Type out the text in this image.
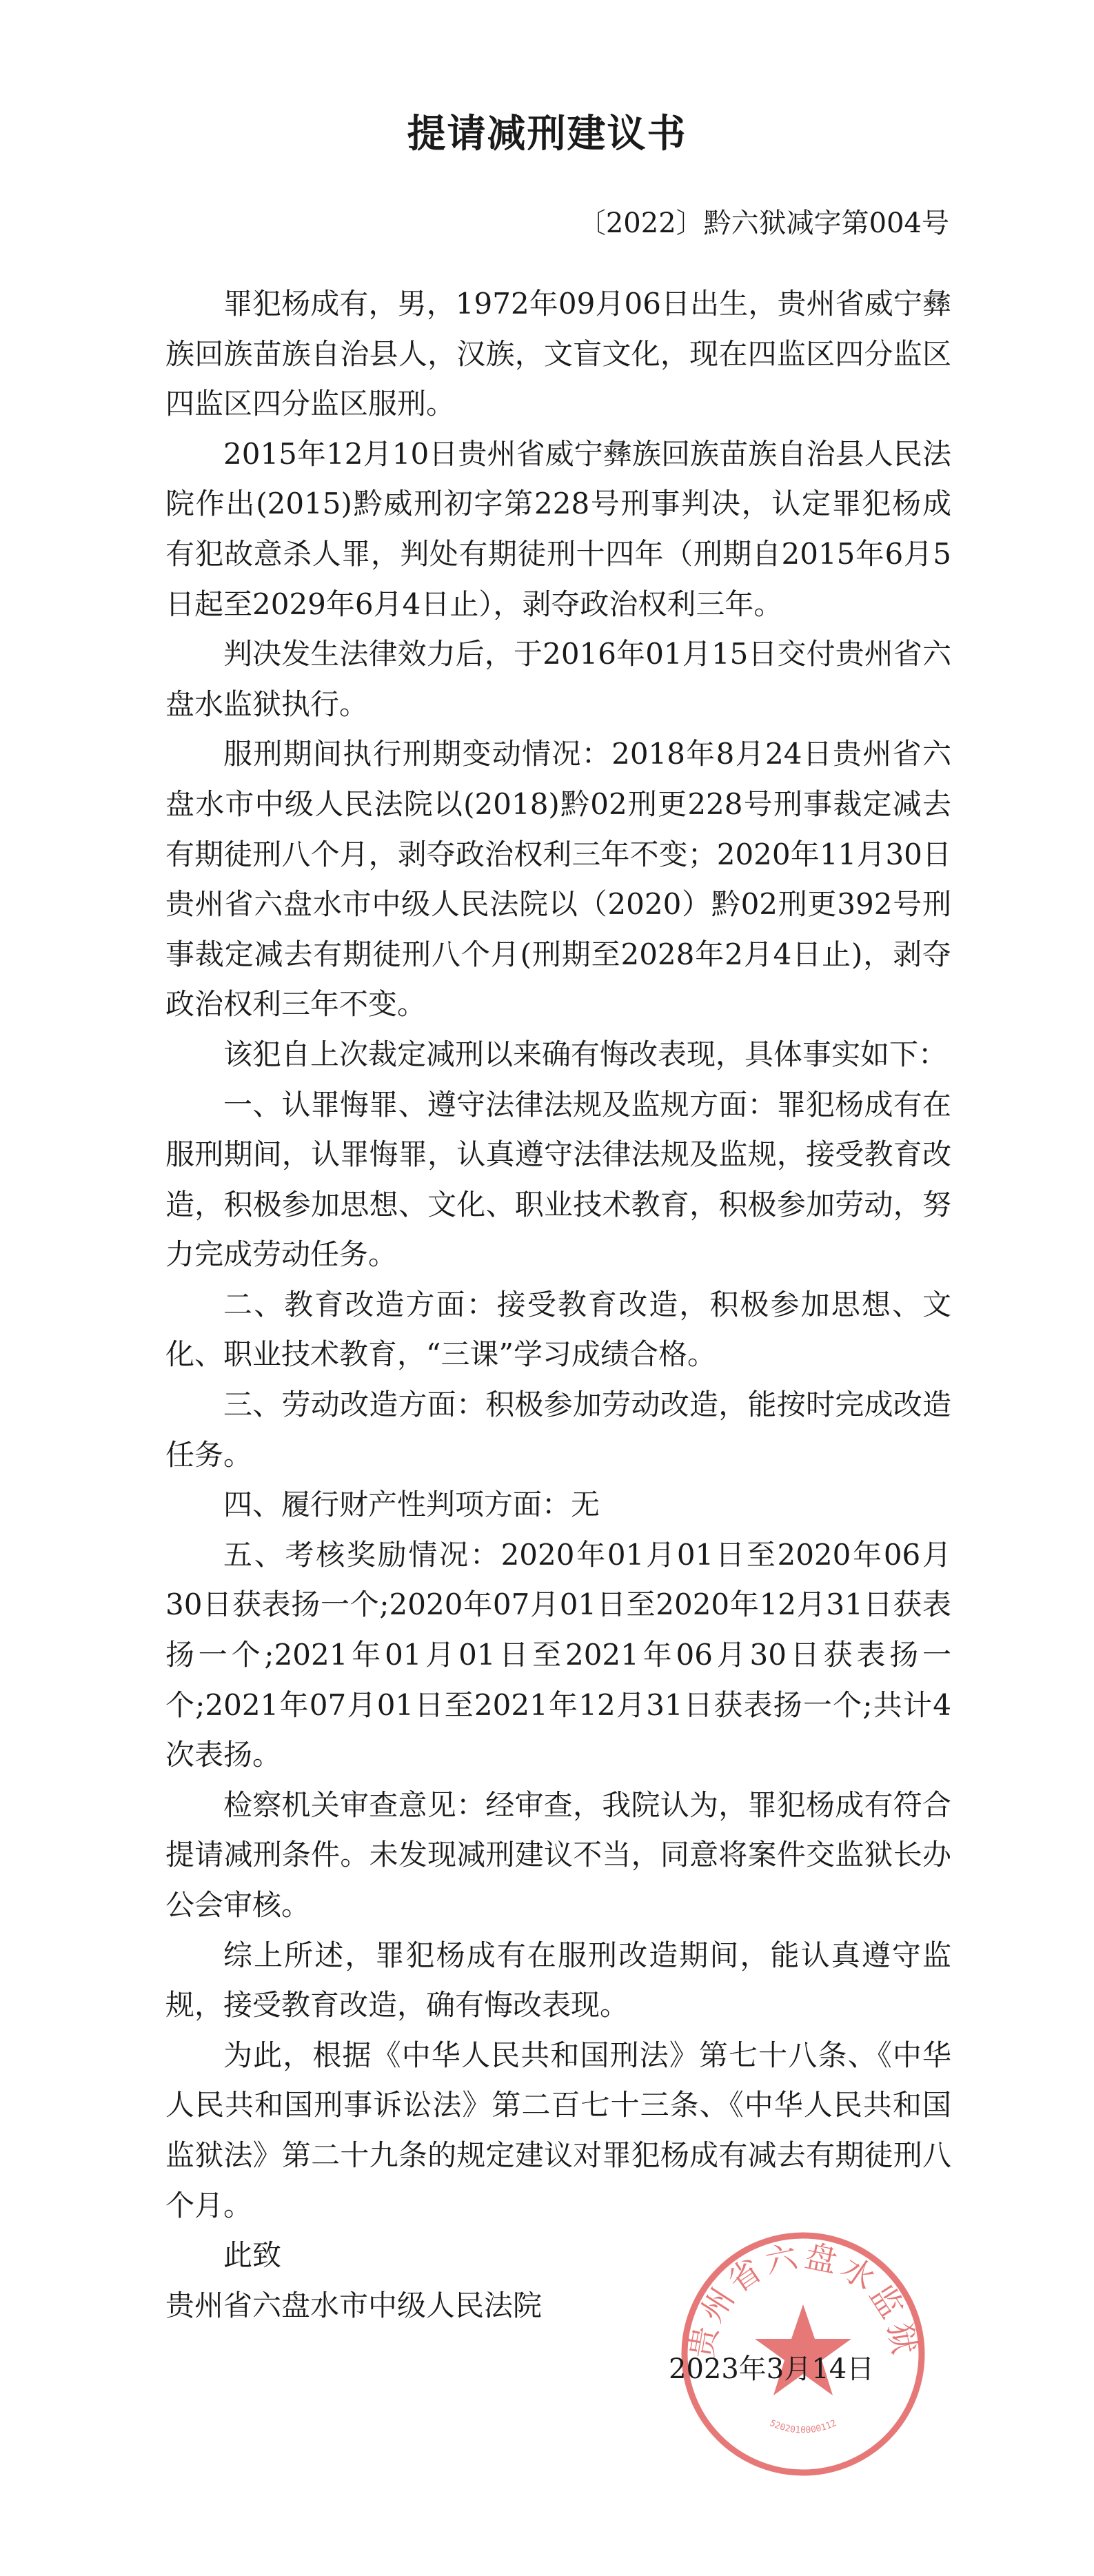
提请减刑建议书
〔2022〕黔六狱减字第004号

罪犯杨成有，男，1972年09月06日出生，贵州省威宁彝族回族苗族自治县人，汉族，文盲文化，现在四监区四分监区四监区四分监区服刑。

2015年12月10日贵州省威宁彝族回族苗族自治县人民法院作出(2015)黔威刑初字第228号刑事判决，认定罪犯杨成有犯故意杀人罪，判处有期徒刑十四年（刑期自2015年6月5日起至2029年6月4日止），剥夺政治权利三年。

判决发生法律效力后，于2016年01月15日交付贵州省六盘水监狱执行。

服刑期间执行刑期变动情况：2018年8月24日贵州省六盘水市中级人民法院以(2018)黔02刑更228号刑事裁定减去有期徒刑八个月，剥夺政治权利三年不变；2020年11月30日贵州省六盘水市中级人民法院以（2020）黔02刑更392号刑事裁定减去有期徒刑八个月(刑期至2028年2月4日止)，剥夺政治权利三年不变。

该犯自上次裁定减刑以来确有悔改表现，具体事实如下：

一、认罪悔罪、遵守法律法规及监规方面：罪犯杨成有在服刑期间，认罪悔罪，认真遵守法律法规及监规，接受教育改造，积极参加思想、文化、职业技术教育，积极参加劳动，努力完成劳动任务。

二、教育改造方面：接受教育改造，积极参加思想、文化、职业技术教育，“三课”学习成绩合格。

三、劳动改造方面：积极参加劳动改造，能按时完成改造任务。

四、履行财产性判项方面：无

五、考核奖励情况：2020年01月01日至2020年06月30日获表扬一个;2020年07月01日至2020年12月31日获表扬一个;2021年01月01日至2021年06月30日获表扬一个;2021年07月01日至2021年12月31日获表扬一个;共计4次表扬。

检察机关审查意见：经审查，我院认为，罪犯杨成有符合提请减刑条件。未发现减刑建议不当，同意将案件交监狱长办公会审核。

综上所述，罪犯杨成有在服刑改造期间，能认真遵守监规，接受教育改造，确有悔改表现。

为此，根据《中华人民共和国刑法》第七十八条、《中华人民共和国刑事诉讼法》第二百七十三条、《中华人民共和国监狱法》第二十九条的规定建议对罪犯杨成有减去有期徒刑八个月。

此致

贵州省六盘水市中级人民法院

贵州省六盘水监狱
5202010000112
2023年3月14日
